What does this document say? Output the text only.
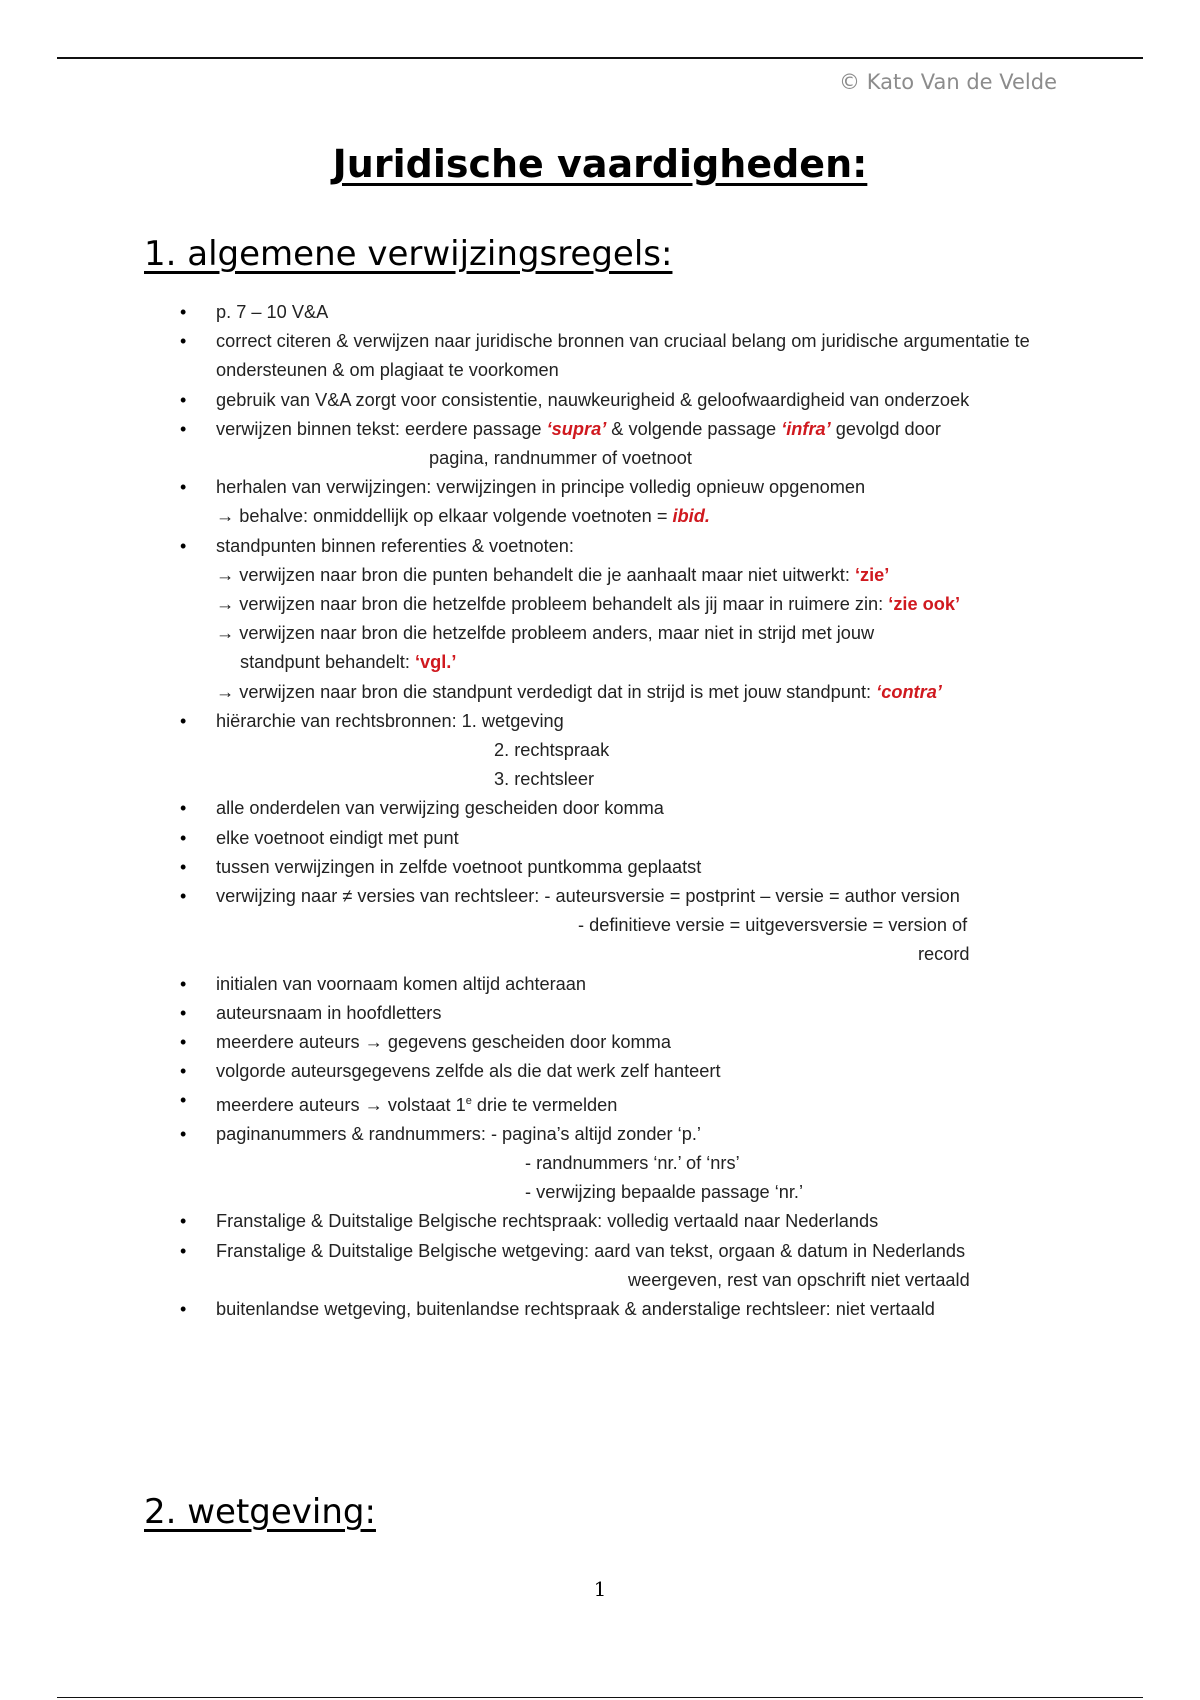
© Kato Van de Velde
Juridische vaardigheden:
1. algemene verwijzingsregels:
• p. 7 – 10 V&A
• correct citeren & verwijzen naar juridische bronnen van cruciaal belang om juridische argumentatie te ondersteunen & om plagiaat te voorkomen
• gebruik van V&A zorgt voor consistentie, nauwkeurigheid & geloofwaardigheid van onderzoek
• verwijzen binnen tekst: eerdere passage ‘supra’ & volgende passage ‘infra’ gevolgd door
pagina, randnummer of voetnoot
• herhalen van verwijzingen: verwijzingen in principe volledig opnieuw opgenomen
→ behalve: onmiddellijk op elkaar volgende voetnoten = ibid.
• standpunten binnen referenties & voetnoten:
→ verwijzen naar bron die punten behandelt die je aanhaalt maar niet uitwerkt: ‘zie’
→ verwijzen naar bron die hetzelfde probleem behandelt als jij maar in ruimere zin: ‘zie ook’
→ verwijzen naar bron die hetzelfde probleem anders, maar niet in strijd met jouw
standpunt behandelt: ‘vgl.’
→ verwijzen naar bron die standpunt verdedigt dat in strijd is met jouw standpunt: ‘contra’
• hiërarchie van rechtsbronnen: 1. wetgeving
2. rechtspraak
3. rechtsleer
• alle onderdelen van verwijzing gescheiden door komma
• elke voetnoot eindigt met punt
• tussen verwijzingen in zelfde voetnoot puntkomma geplaatst
• verwijzing naar ≠ versies van rechtsleer: - auteursversie = postprint – versie = author version
- definitieve versie = uitgeversversie = version of
record
• initialen van voornaam komen altijd achteraan
• auteursnaam in hoofdletters
• meerdere auteurs → gegevens gescheiden door komma
• volgorde auteursgegevens zelfde als die dat werk zelf hanteert
• meerdere auteurs → volstaat 1e drie te vermelden
• paginanummers & randnummers: - pagina’s altijd zonder ‘p.’
- randnummers ‘nr.’ of ‘nrs’
- verwijzing bepaalde passage ‘nr.’
• Franstalige & Duitstalige Belgische rechtspraak: volledig vertaald naar Nederlands
• Franstalige & Duitstalige Belgische wetgeving: aard van tekst, orgaan & datum in Nederlands
weergeven, rest van opschrift niet vertaald
• buitenlandse wetgeving, buitenlandse rechtspraak & anderstalige rechtsleer: niet vertaald
2. wetgeving:
1
